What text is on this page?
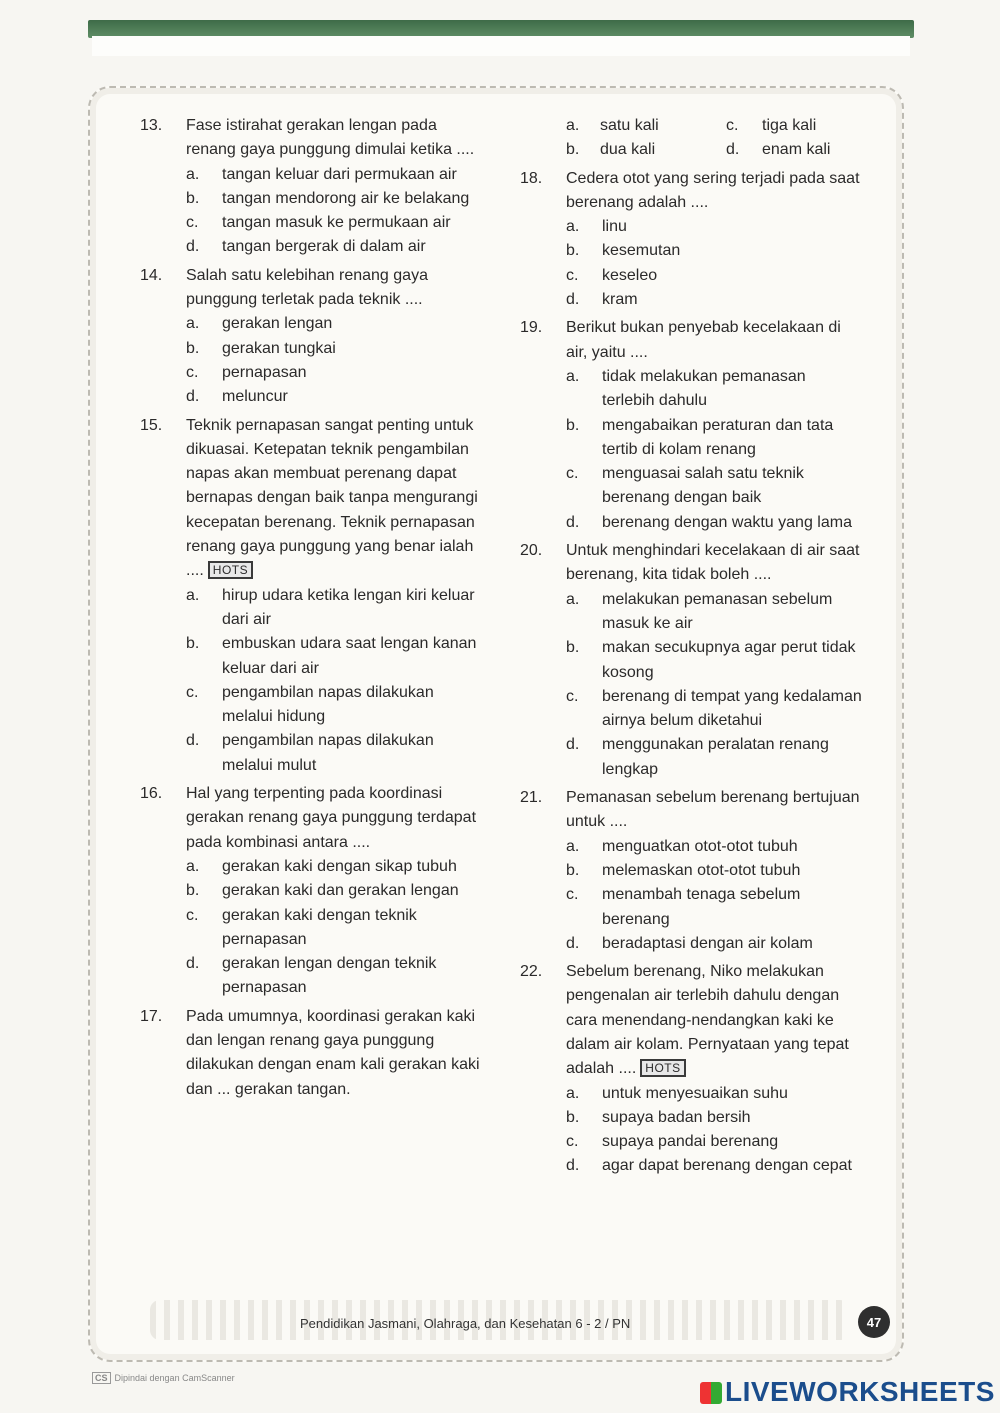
13. Fase istirahat gerakan lengan pada renang gaya punggung dimulai ketika ....
a. tangan keluar dari permukaan air
b. tangan mendorong air ke belakang
c. tangan masuk ke permukaan air
d. tangan bergerak di dalam air
14. Salah satu kelebihan renang gaya punggung terletak pada teknik ....
a. gerakan lengan
b. gerakan tungkai
c. pernapasan
d. meluncur
15. Teknik pernapasan sangat penting untuk dikuasai. Ketepatan teknik pengambilan napas akan membuat perenang dapat bernapas dengan baik tanpa mengurangi kecepatan berenang. Teknik pernapasan renang gaya punggung yang benar ialah .... HOTS
a. hirup udara ketika lengan kiri keluar dari air
b. embuskan udara saat lengan kanan keluar dari air
c. pengambilan napas dilakukan melalui hidung
d. pengambilan napas dilakukan melalui mulut
16. Hal yang terpenting pada koordinasi gerakan renang gaya punggung terdapat pada kombinasi antara ....
a. gerakan kaki dengan sikap tubuh
b. gerakan kaki dan gerakan lengan
c. gerakan kaki dengan teknik pernapasan
d. gerakan lengan dengan teknik pernapasan
17. Pada umumnya, koordinasi gerakan kaki dan lengan renang gaya punggung dilakukan dengan enam kali gerakan kaki dan ... gerakan tangan.
a. satu kali	c. tiga kali
b. dua kali	d. enam kali
18. Cedera otot yang sering terjadi pada saat berenang adalah ....
a. linu
b. kesemutan
c. keseleo
d. kram
19. Berikut bukan penyebab kecelakaan di air, yaitu ....
a. tidak melakukan pemanasan terlebih dahulu
b. mengabaikan peraturan dan tata tertib di kolam renang
c. menguasai salah satu teknik berenang dengan baik
d. berenang dengan waktu yang lama
20. Untuk menghindari kecelakaan di air saat berenang, kita tidak boleh ....
a. melakukan pemanasan sebelum masuk ke air
b. makan secukupnya agar perut tidak kosong
c. berenang di tempat yang kedalaman airnya belum diketahui
d. menggunakan peralatan renang lengkap
21. Pemanasan sebelum berenang bertujuan untuk ....
a. menguatkan otot-otot tubuh
b. melemaskan otot-otot tubuh
c. menambah tenaga sebelum berenang
d. beradaptasi dengan air kolam
22. Sebelum berenang, Niko melakukan pengenalan air terlebih dahulu dengan cara menendang-nendangkan kaki ke dalam air kolam. Pernyataan yang tepat adalah .... HOTS
a. untuk menyesuaikan suhu
b. supaya badan bersih
c. supaya pandai berenang
d. agar dapat berenang dengan cepat
Pendidikan Jasmani, Olahraga, dan Kesehatan 6 - 2 / PN	47
CS Dipindai dengan CamScanner	LIVEWORKSHEETS
